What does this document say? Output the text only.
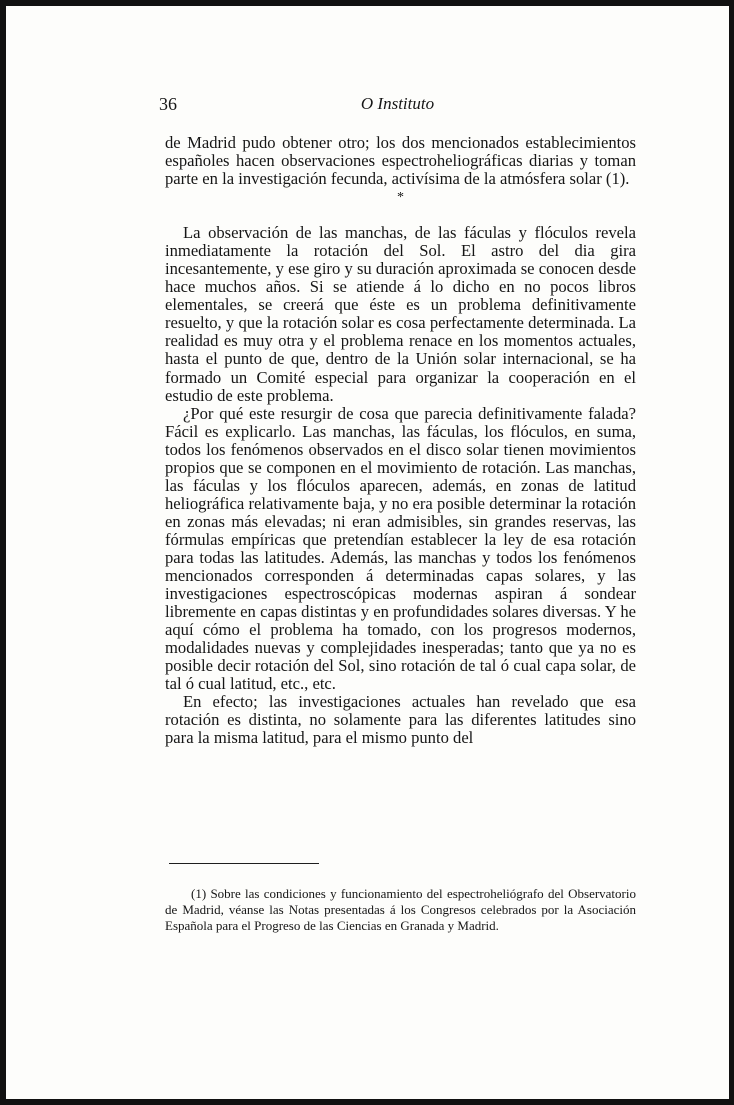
36	O Instituto

de Madrid pudo obtener otro; los dos mencionados establecimientos españoles hacen observaciones espectroheliográficas diarias y toman parte en la investigación fecunda, activísima de la atmósfera solar (1).

*

La observación de las manchas, de las fáculas y flóculos revela inmediatamente la rotación del Sol. El astro del dia gira incesantemente, y ese giro y su duración aproximada se conocen desde hace muchos años. Si se atiende á lo dicho en no pocos libros elementales, se creerá que éste es un problema definitivamente resuelto, y que la rotación solar es cosa perfectamente determinada. La realidad es muy otra y el problema renace en los momentos actuales, hasta el punto de que, dentro de la Unión solar internacional, se ha formado un Comité especial para organizar la cooperación en el estudio de este problema.

¿Por qué este resurgir de cosa que parecia definitivamente falada? Fácil es explicarlo. Las manchas, las fáculas, los flóculos, en suma, todos los fenómenos observados en el disco solar tienen movimientos propios que se componen en el movimiento de rotación. Las manchas, las fáculas y los flóculos aparecen, además, en zonas de latitud heliográfica relativamente baja, y no era posible determinar la rotación en zonas más elevadas; ni eran admisibles, sin grandes reservas, las fórmulas empíricas que pretendían establecer la ley de esa rotación para todas las latitudes. Además, las manchas y todos los fenómenos mencionados corresponden á determinadas capas solares, y las investigaciones espectroscópicas modernas aspiran á sondear libremente en capas distintas y en profundidades solares diversas. Y he aquí cómo el problema ha tomado, con los progresos modernos, modalidades nuevas y complejidades inesperadas; tanto que ya no es posible decir rotación del Sol, sino rotación de tal ó cual capa solar, de tal ó cual latitud, etc., etc.

En efecto; las investigaciones actuales han revelado que esa rotación es distinta, no solamente para las diferentes latitudes sino para la misma latitud, para el mismo punto del

(1) Sobre las condiciones y funcionamiento del espectroheliógrafo del Observatorio de Madrid, véanse las Notas presentadas á los Congresos celebrados por la Asociación Española para el Progreso de las Ciencias en Granada y Madrid.
